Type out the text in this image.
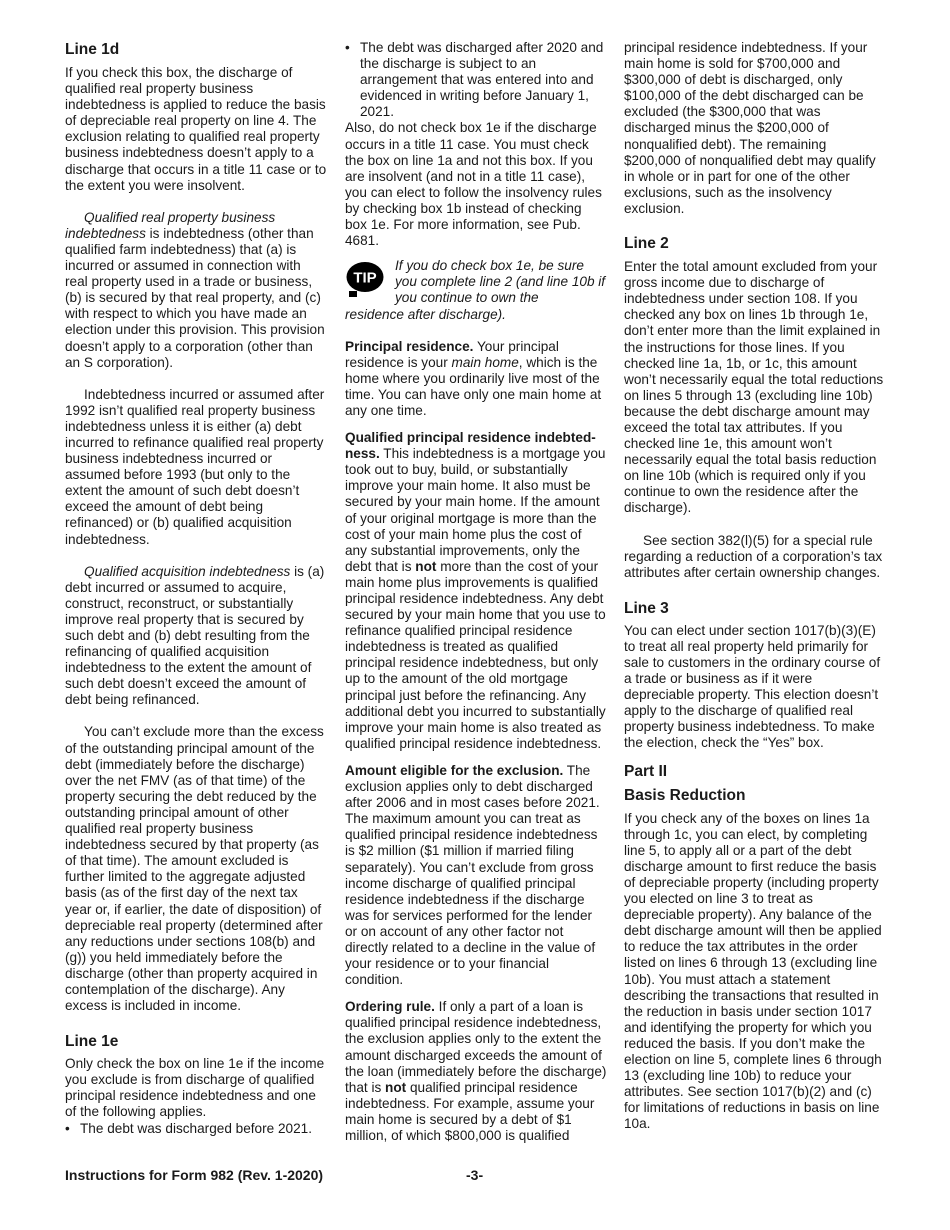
Line 1d

If you check this box, the discharge of qualified real property business indebtedness is applied to reduce the basis of depreciable real property on line 4. The exclusion relating to qualified real property business indebtedness doesn’t apply to a discharge that occurs in a title 11 case or to the extent you were insolvent.

Qualified real property business indebtedness is indebtedness (other than qualified farm indebtedness) that (a) is incurred or assumed in connection with real property used in a trade or business, (b) is secured by that real property, and (c) with respect to which you have made an election under this provision. This provision doesn’t apply to a corporation (other than an S corporation).

Indebtedness incurred or assumed after 1992 isn’t qualified real property business indebtedness unless it is either (a) debt incurred to refinance qualified real property business indebtedness incurred or assumed before 1993 (but only to the extent the amount of such debt doesn’t exceed the amount of debt being refinanced) or (b) qualified acquisition indebtedness.

Qualified acquisition indebtedness is (a) debt incurred or assumed to acquire, construct, reconstruct, or substantially improve real property that is secured by such debt and (b) debt resulting from the refinancing of qualified acquisition indebtedness to the extent the amount of such debt doesn’t exceed the amount of debt being refinanced.

You can’t exclude more than the excess of the outstanding principal amount of the debt (immediately before the discharge) over the net FMV (as of that time) of the property securing the debt reduced by the outstanding principal amount of other qualified real property business indebtedness secured by that property (as of that time). The amount excluded is further limited to the aggregate adjusted basis (as of the first day of the next tax year or, if earlier, the date of disposition) of depreciable real property (determined after any reductions under sections 108(b) and (g)) you held immediately before the discharge (other than property acquired in contemplation of the discharge). Any excess is included in income.

Line 1e

Only check the box on line 1e if the income you exclude is from discharge of qualified principal residence indebtedness and one of the following applies.

• The debt was discharged before 2021.

• The debt was discharged after 2020 and the discharge is subject to an arrangement that was entered into and evidenced in writing before January 1, 2021.

Also, do not check box 1e if the discharge occurs in a title 11 case. You must check the box on line 1a and not this box. If you are insolvent (and not in a title 11 case), you can elect to follow the insolvency rules by checking box 1b instead of checking box 1e. For more information, see Pub. 4681.

TIP
If you do check box 1e, be sure you complete line 2 (and line 10b if you continue to own the
residence after discharge).

Principal residence. Your principal residence is your main home, which is the home where you ordinarily live most of the time. You can have only one main home at any one time.

Qualified principal residence indebted-ness. This indebtedness is a mortgage you took out to buy, build, or substantially improve your main home. It also must be secured by your main home. If the amount of your original mortgage is more than the cost of your main home plus the cost of any substantial improvements, only the debt that is not more than the cost of your main home plus improvements is qualified principal residence indebtedness. Any debt secured by your main home that you use to refinance qualified principal residence indebtedness is treated as qualified principal residence indebtedness, but only up to the amount of the old mortgage principal just before the refinancing. Any additional debt you incurred to substantially improve your main home is also treated as qualified principal residence indebtedness.

Amount eligible for the exclusion. The exclusion applies only to debt discharged after 2006 and in most cases before 2021. The maximum amount you can treat as qualified principal residence indebtedness is $2 million ($1 million if married filing separately). You can’t exclude from gross income discharge of qualified principal residence indebtedness if the discharge was for services performed for the lender or on account of any other factor not directly related to a decline in the value of your residence or to your financial condition.

Ordering rule. If only a part of a loan is qualified principal residence indebtedness, the exclusion applies only to the extent the amount discharged exceeds the amount of the loan (immediately before the discharge) that is not qualified principal residence indebtedness. For example, assume your main home is secured by a debt of $1 million, of which $800,000 is qualified

principal residence indebtedness. If your main home is sold for $700,000 and $300,000 of debt is discharged, only $100,000 of the debt discharged can be excluded (the $300,000 that was discharged minus the $200,000 of nonqualified debt). The remaining $200,000 of nonqualified debt may qualify in whole or in part for one of the other exclusions, such as the insolvency exclusion.

Line 2

Enter the total amount excluded from your gross income due to discharge of indebtedness under section 108. If you checked any box on lines 1b through 1e, don’t enter more than the limit explained in the instructions for those lines. If you checked line 1a, 1b, or 1c, this amount won’t necessarily equal the total reductions on lines 5 through 13 (excluding line 10b) because the debt discharge amount may exceed the total tax attributes. If you checked line 1e, this amount won’t necessarily equal the total basis reduction on line 10b (which is required only if you continue to own the residence after the discharge).

See section 382(l)(5) for a special rule regarding a reduction of a corporation’s tax attributes after certain ownership changes.

Line 3

You can elect under section 1017(b)(3)(E) to treat all real property held primarily for sale to customers in the ordinary course of a trade or business as if it were depreciable property. This election doesn’t apply to the discharge of qualified real property business indebtedness. To make the election, check the “Yes” box.

Part II

Basis Reduction

If you check any of the boxes on lines 1a through 1c, you can elect, by completing line 5, to apply all or a part of the debt discharge amount to first reduce the basis of depreciable property (including property you elected on line 3 to treat as depreciable property). Any balance of the debt discharge amount will then be applied to reduce the tax attributes in the order listed on lines 6 through 13 (excluding line 10b). You must attach a statement describing the transactions that resulted in the reduction in basis under section 1017 and identifying the property for which you reduced the basis. If you don’t make the election on line 5, complete lines 6 through 13 (excluding line 10b) to reduce your attributes. See section 1017(b)(2) and (c) for limitations of reductions in basis on line 10a.

Instructions for Form 982 (Rev. 1-2020)	-3-
